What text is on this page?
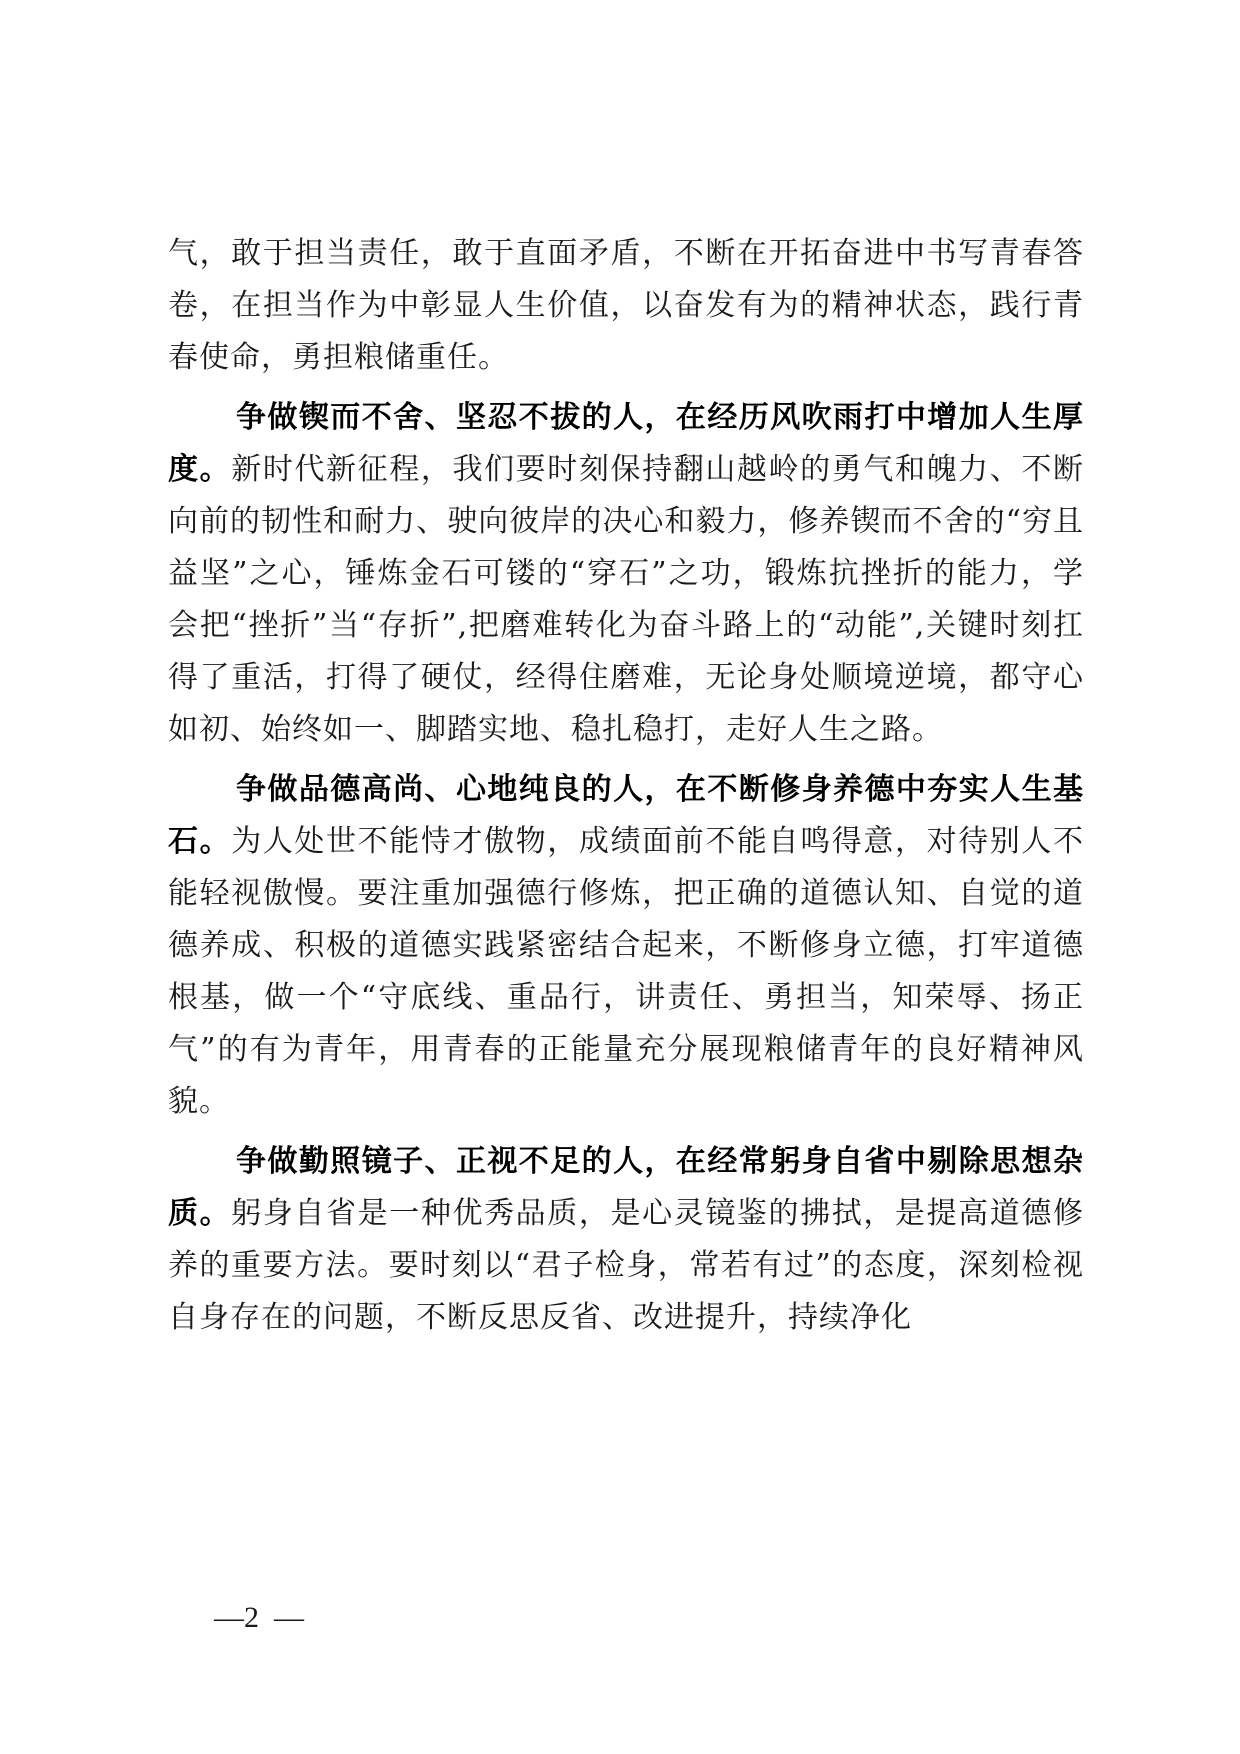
气，敢于担当责任，敢于直面矛盾，不断在开拓奋进中书写青春答卷，在担当作为中彰显人生价值，以奋发有为的精神状态，践行青春使命，勇担粮储重任。

争做锲而不舍、坚忍不拔的人，在经历风吹雨打中增加人生厚度。新时代新征程，我们要时刻保持翻山越岭的勇气和魄力、不断向前的韧性和耐力、驶向彼岸的决心和毅力，修养锲而不舍的“穷且益坚”之心，锤炼金石可镂的“穿石”之功，锻炼抗挫折的能力，学会把“挫折”当“存折”,把磨难转化为奋斗路上的“动能”,关键时刻扛得了重活，打得了硬仗，经得住磨难，无论身处顺境逆境，都守心如初、始终如一、脚踏实地、稳扎稳打，走好人生之路。

争做品德高尚、心地纯良的人，在不断修身养德中夯实人生基石。为人处世不能恃才傲物，成绩面前不能自鸣得意，对待别人不能轻视傲慢。要注重加强德行修炼，把正确的道德认知、自觉的道德养成、积极的道德实践紧密结合起来，不断修身立德，打牢道德根基，做一个“守底线、重品行，讲责任、勇担当，知荣辱、扬正气”的有为青年，用青春的正能量充分展现粮储青年的良好精神风貌。

争做勤照镜子、正视不足的人，在经常躬身自省中剔除思想杂质。躬身自省是一种优秀品质，是心灵镜鉴的拂拭，是提高道德修养的重要方法。要时刻以“君子检身，常若有过”的态度，深刻检视自身存在的问题，不断反思反省、改进提升，持续净化

—2  —
